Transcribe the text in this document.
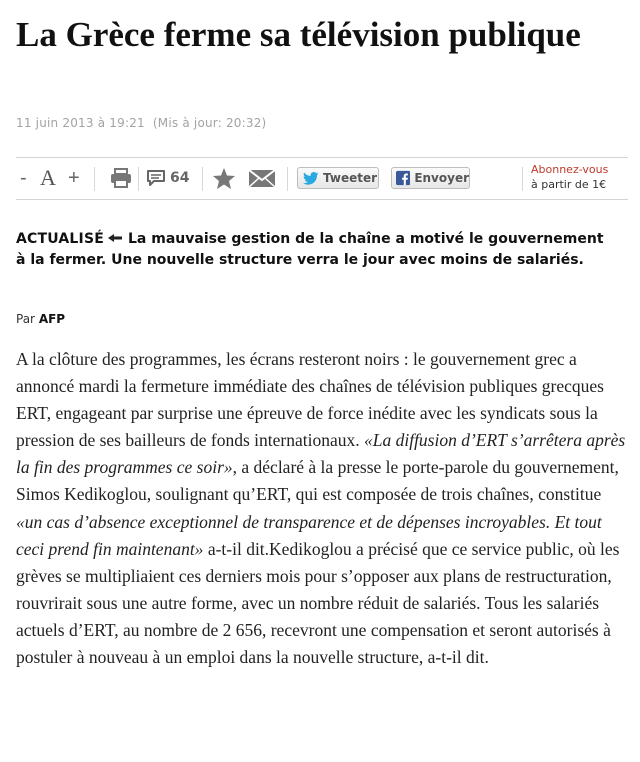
La Grèce ferme sa télévision publique
11 juin 2013 à 19:21 (Mis à jour: 20:32)
- A +	64	Tweeter	Envoyer
Abonnez-vous
à partir de 1€

ACTUALISÉ La mauvaise gestion de la chaîne a motivé le gouvernement à la fermer. Une nouvelle structure verra le jour avec moins de salariés.

Par AFP

A la clôture des programmes, les écrans resteront noirs : le gouvernement grec a annoncé mardi la fermeture immédiate des chaînes de télévision publiques grecques ERT, engageant par surprise une épreuve de force inédite avec les syndicats sous la pression de ses bailleurs de fonds internationaux. «La diffusion d’ERT s’arrêtera après la fin des programmes ce soir», a déclaré à la presse le porte-parole du gouvernement, Simos Kedikoglou, soulignant qu’ERT, qui est composée de trois chaînes, constitue «un cas d’absence exceptionnel de transparence et de dépenses incroyables. Et tout ceci prend fin maintenant» a-t-il dit.Kedikoglou a précisé que ce service public, où les grèves se multipliaient ces derniers mois pour s’opposer aux plans de restructuration, rouvrirait sous une autre forme, avec un nombre réduit de salariés. Tous les salariés actuels d’ERT, au nombre de 2 656, recevront une compensation et seront autorisés à postuler à nouveau à un emploi dans la nouvelle structure, a-t-il dit.
